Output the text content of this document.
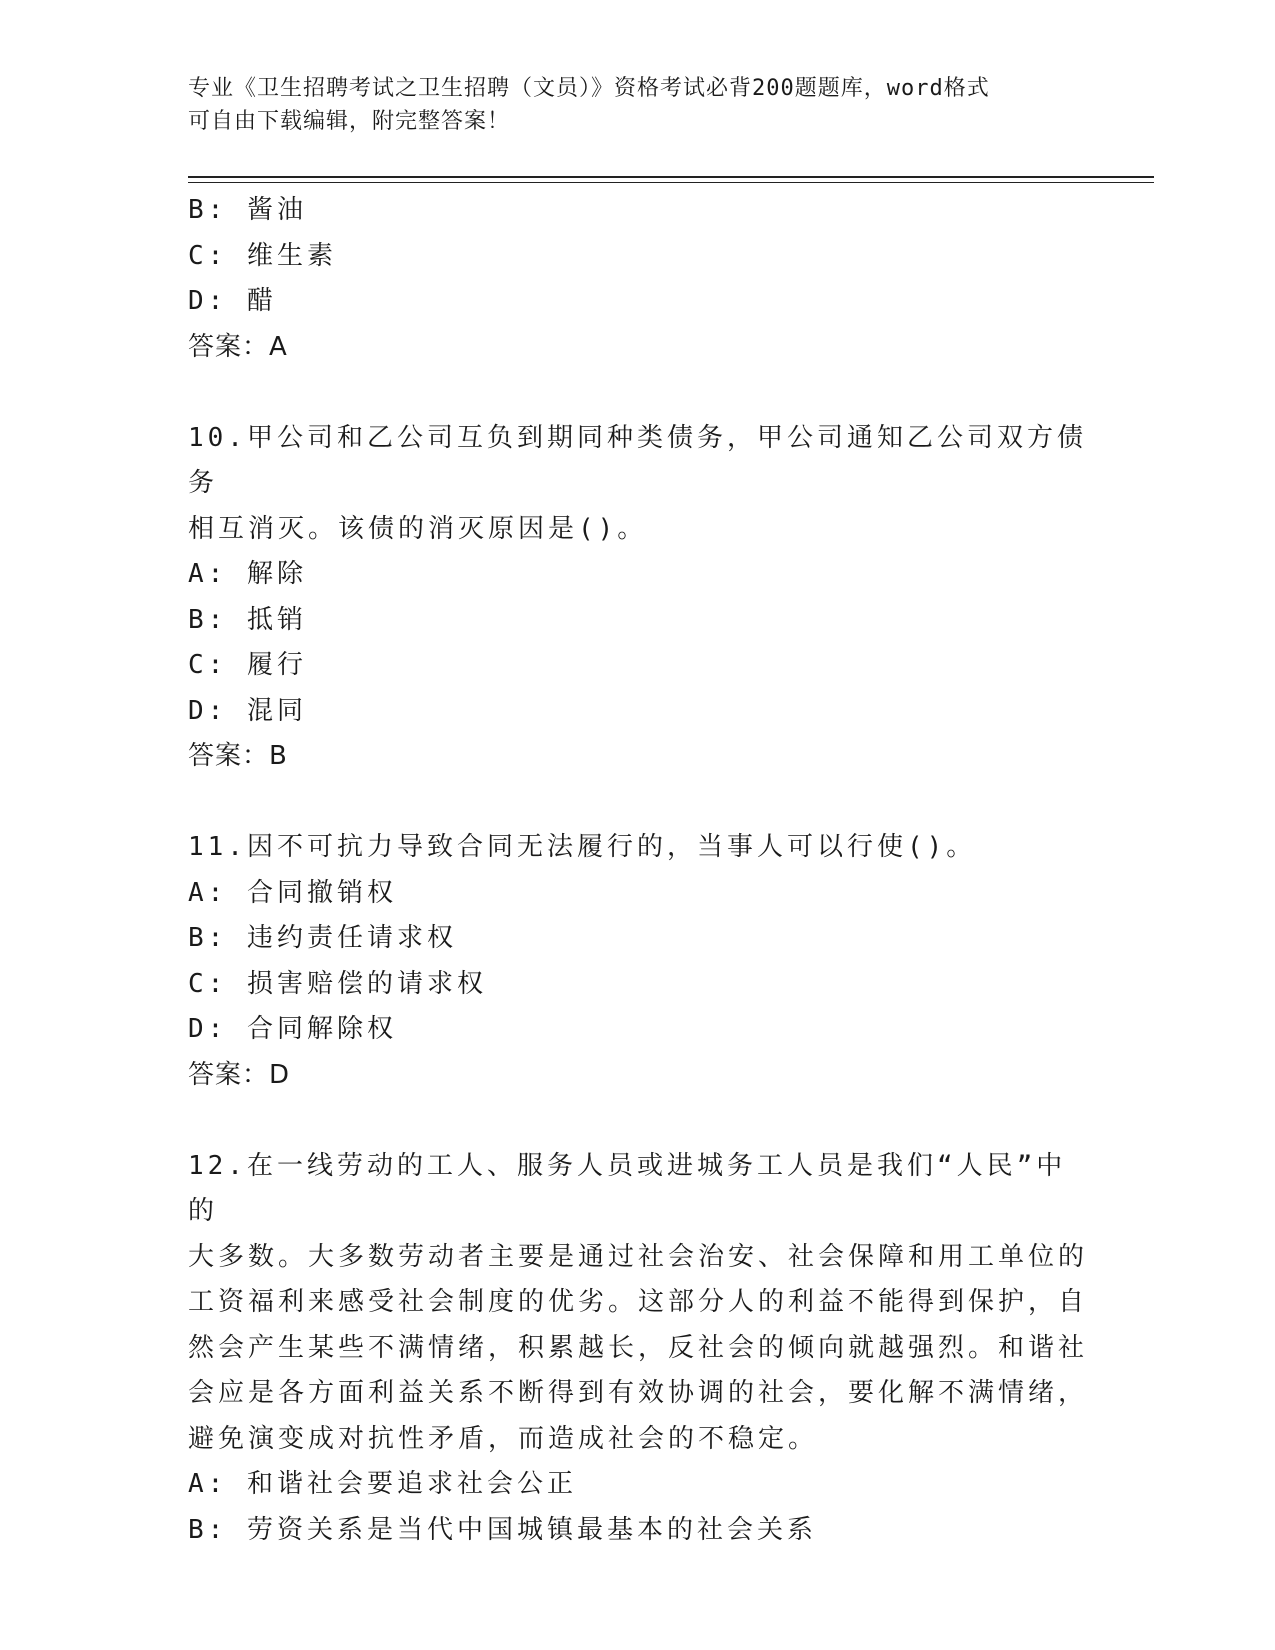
专业《卫生招聘考试之卫生招聘（文员）》资格考试必背200题题库，word格式
可自由下载编辑，附完整答案！
B: 酱油
C: 维生素
D: 醋
答案：A
10.甲公司和乙公司互负到期同种类债务，甲公司通知乙公司双方债务
相互消灭。该债的消灭原因是()。
A: 解除
B: 抵销
C: 履行
D: 混同
答案：B
11.因不可抗力导致合同无法履行的，当事人可以行使()。
A: 合同撤销权
B: 违约责任请求权
C: 损害赔偿的请求权
D: 合同解除权
答案：D
12.在一线劳动的工人、服务人员或进城务工人员是我们“人民”中的
大多数。大多数劳动者主要是通过社会治安、社会保障和用工单位的
工资福利来感受社会制度的优劣。这部分人的利益不能得到保护，自
然会产生某些不满情绪，积累越长，反社会的倾向就越强烈。和谐社
会应是各方面利益关系不断得到有效协调的社会，要化解不满情绪，
避免演变成对抗性矛盾，而造成社会的不稳定。
A: 和谐社会要追求社会公正
B: 劳资关系是当代中国城镇最基本的社会关系
